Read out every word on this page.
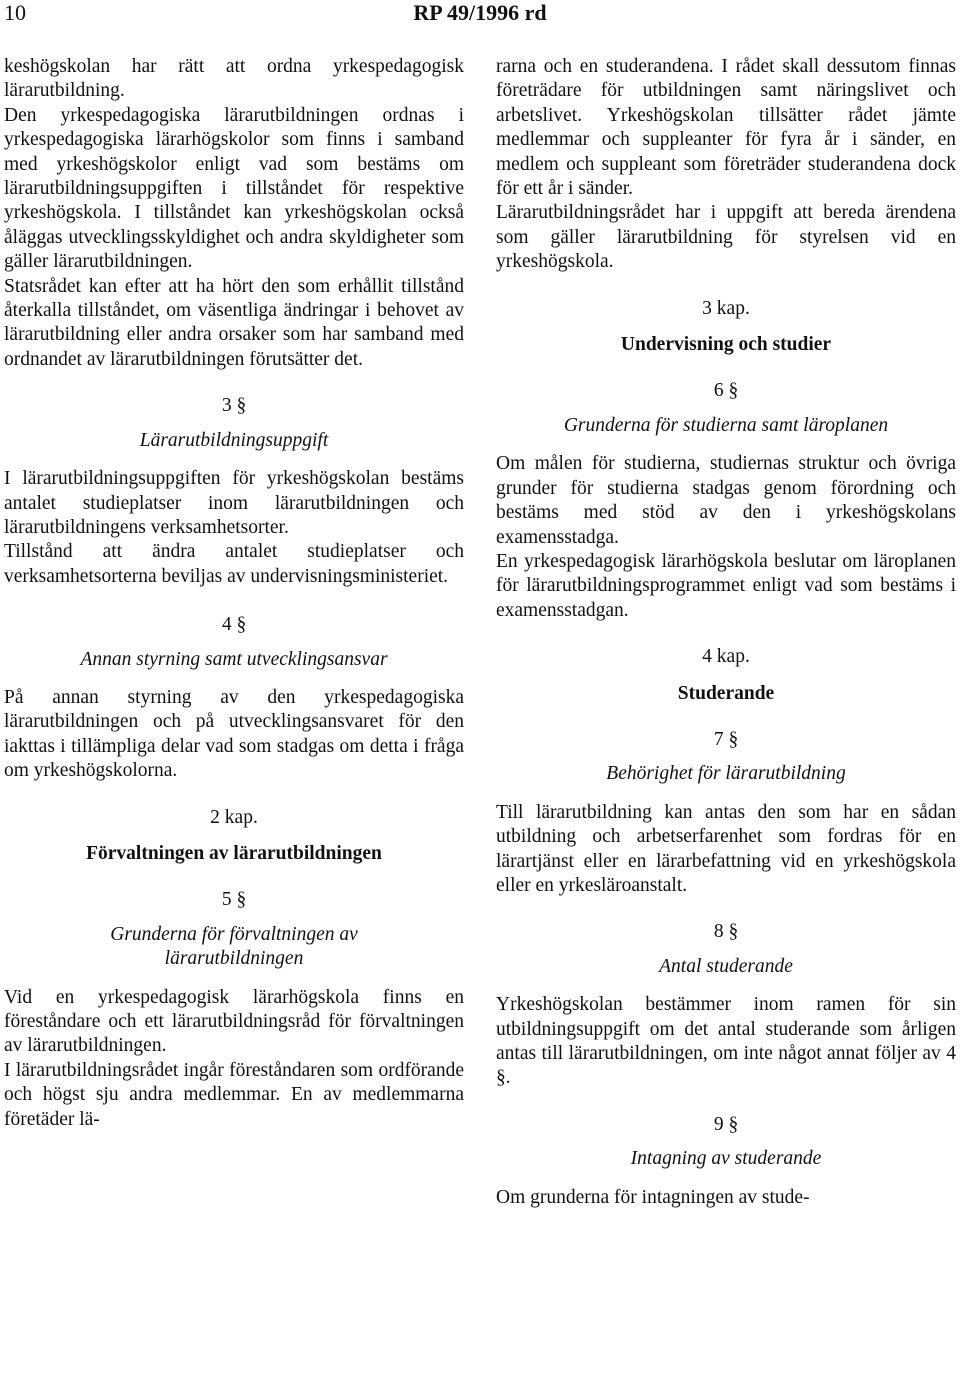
10	RP 49/1996 rd

keshögskolan har rätt att ordna yrkespedagogisk lärarutbildning.

Den yrkespedagogiska lärarutbildningen ordnas i yrkespedagogiska lärarhögskolor som finns i samband med yrkeshögskolor enligt vad som bestäms om lärarutbildningsuppgiften i tillståndet för respektive yrkeshögskola. I tillståndet kan yrkeshögskolan också åläggas utvecklingsskyldighet och andra skyldigheter som gäller lärarutbildningen.

Statsrådet kan efter att ha hört den som erhållit tillstånd återkalla tillståndet, om väsentliga ändringar i behovet av lärarutbildning eller andra orsaker som har samband med ordnandet av lärarutbildningen förutsätter det.

3 §

Lärarutbildningsuppgift

I lärarutbildningsuppgiften för yrkeshögskolan bestäms antalet studieplatser inom lärarutbildningen och lärarutbildningens verksamhetsorter.

Tillstånd att ändra antalet studieplatser och verksamhetsorterna beviljas av undervisningsministeriet.

4 §

Annan styrning samt utvecklingsansvar

På annan styrning av den yrkespedagogiska lärarutbildningen och på utvecklingsansvaret för den iakttas i tillämpliga delar vad som stadgas om detta i fråga om yrkeshögskolorna.

2 kap.

Förvaltningen av lärarutbildningen

5 §

Grunderna för förvaltningen av lärarutbildningen

Vid en yrkespedagogisk lärarhögskola finns en föreståndare och ett lärarutbildningsråd för förvaltningen av lärarutbildningen.

I lärarutbildningsrådet ingår föreståndaren som ordförande och högst sju andra medlemmar. En av medlemmarna företäder lä-

rarna och en studerandena. I rådet skall dessutom finnas företrädare för utbildningen samt näringslivet och arbetslivet. Yrkeshögskolan tillsätter rådet jämte medlemmar och suppleanter för fyra år i sänder, en medlem och suppleant som företräder studerandena dock för ett år i sänder.

Lärarutbildningsrådet har i uppgift att bereda ärendena som gäller lärarutbildning för styrelsen vid en yrkeshögskola.

3 kap.

Undervisning och studier

6 §

Grunderna för studierna samt läroplanen

Om målen för studierna, studiernas struktur och övriga grunder för studierna stadgas genom förordning och bestäms med stöd av den i yrkeshögskolans examensstadga.

En yrkespedagogisk lärarhögskola beslutar om läroplanen för lärarutbildningsprogrammet enligt vad som bestäms i examensstadgan.

4 kap.

Studerande

7 §

Behörighet för lärarutbildning

Till lärarutbildning kan antas den som har en sådan utbildning och arbetserfarenhet som fordras för en lärartjänst eller en lärarbefattning vid en yrkeshögskola eller en yrkesläroanstalt.

8 §

Antal studerande

Yrkeshögskolan bestämmer inom ramen för sin utbildningsuppgift om det antal studerande som årligen antas till lärarutbildningen, om inte något annat följer av 4 §.

9 §

Intagning av studerande

Om grunderna för intagningen av stude-
